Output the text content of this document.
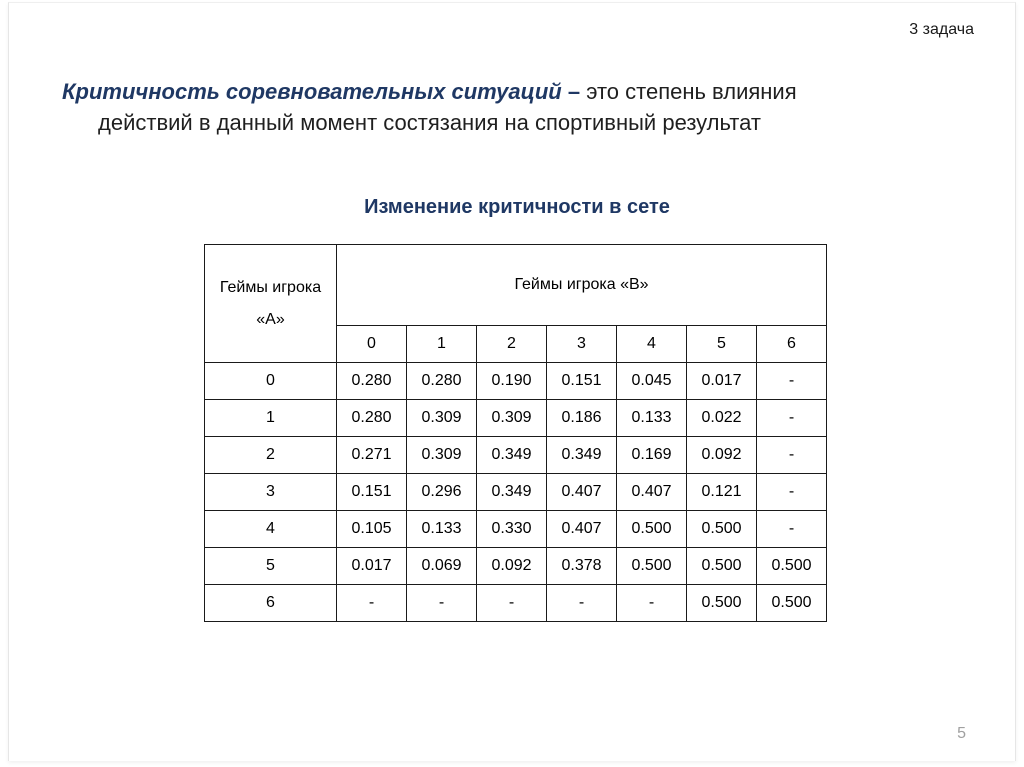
3 задача
Критичность соревновательных ситуаций – это степень влияния
действий в данный момент состязания на спортивный результат
Изменение критичности в сете
Геймы игрока «А»	Геймы игрока «В»						
	0	1	2	3	4	5	6
0	0.280	0.280	0.190	0.151	0.045	0.017	-
1	0.280	0.309	0.309	0.186	0.133	0.022	-
2	0.271	0.309	0.349	0.349	0.169	0.092	-
3	0.151	0.296	0.349	0.407	0.407	0.121	-
4	0.105	0.133	0.330	0.407	0.500	0.500	-
5	0.017	0.069	0.092	0.378	0.500	0.500	0.500
6	-	-	-	-	-	0.500	0.500
5
